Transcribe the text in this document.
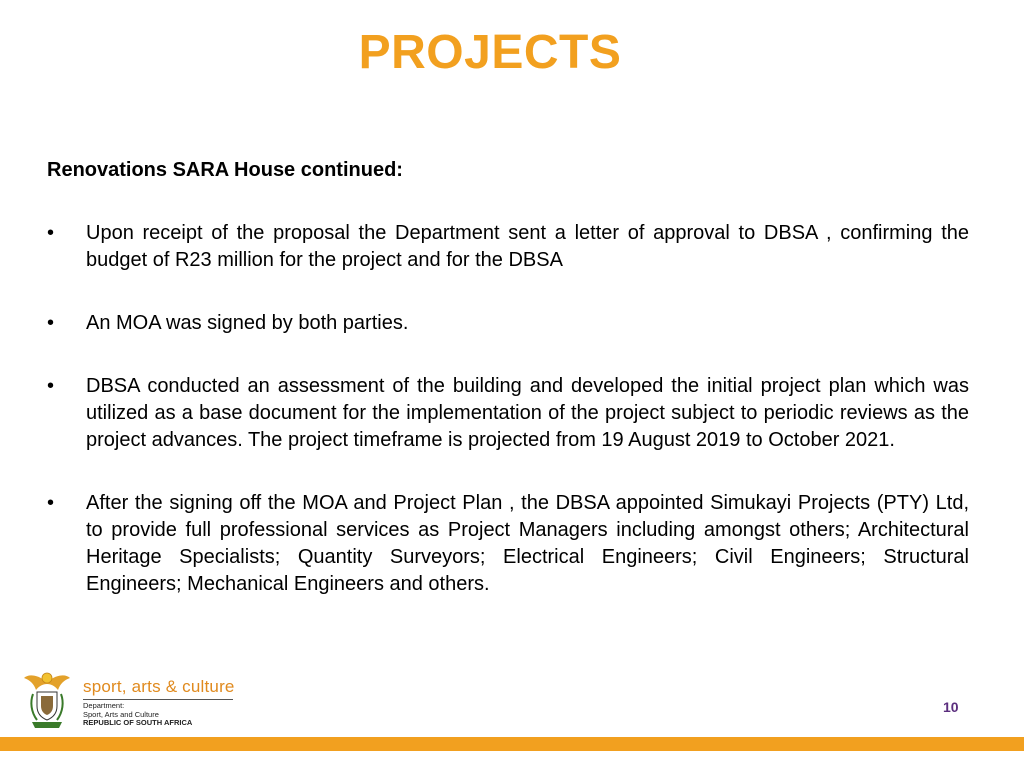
PROJECTS
Renovations SARA House continued:
•	Upon receipt of the proposal the Department sent a letter of approval to DBSA , confirming the budget of R23 million for the project and for the DBSA
•	An MOA was signed by both parties.
•	DBSA conducted an assessment of the building and developed the initial project plan which was utilized as a base document for the implementation of the project subject to periodic reviews as the project advances. The project timeframe is projected from 19 August 2019 to October 2021.
•	After the signing off the MOA and Project Plan , the DBSA appointed Simukayi Projects (PTY) Ltd, to provide full professional services as Project Managers including amongst others; Architectural Heritage Specialists; Quantity Surveyors; Electrical Engineers; Civil Engineers; Structural Engineers; Mechanical Engineers and others.
sport, arts & culture
Department:
Sport, Arts and Culture
REPUBLIC OF SOUTH AFRICA
10
